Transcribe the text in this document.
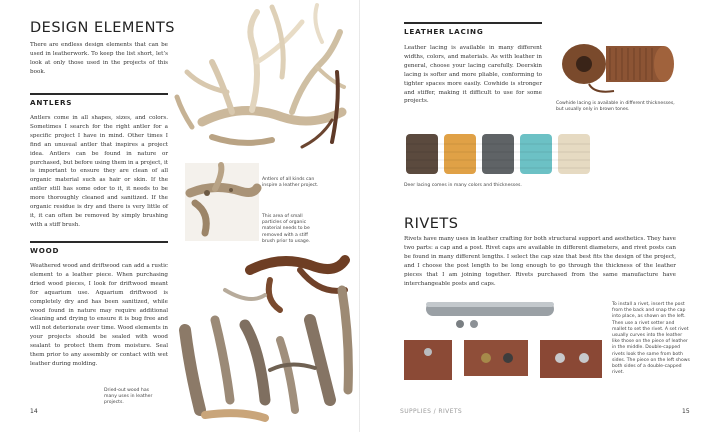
DESIGN ELEMENTS

There are endless design elements that can be used in leatherwork. To keep the list short, let’s look at only those used in the projects of this book.

ANTLERS

Antlers come in all shapes, sizes, and colors. Sometimes I search for the right antler for a specific project I have in mind. Other times I find an unusual antler that inspires a project idea. Antlers can be found in nature or purchased, but before using them in a project, it is important to ensure they are clean of all organic material such as hair or skin. If the antler still has some odor to it, it needs to be more thoroughly cleaned and sanitized. If the organic residue is dry and there is very little of it, it can often be removed by simply brushing with a stiff brush.

WOOD

Weathered wood and driftwood can add a rustic element to a leather piece. When purchasing dried wood pieces, I look for driftwood meant for aquarium use. Aquarium driftwood is completely dry and has been sanitized, while wood found in nature may require additional cleaning and drying to ensure it is bug free and will not deteriorate over time. Wood elements in your projects should be sealed with wood sealant to protect them from moisture. Seal them prior to any assembly or contact with wet leather during molding.

Antlers of all kinds can inspire a leather project.
This area of small particles of organic material needs to be removed with a stiff brush prior to usage.
Dried-out wood has many uses in leather projects.
14
LEATHER LACING

Leather lacing is available in many different widths, colors, and materials. As with leather in general, choose your lacing carefully. Deerskin lacing is softer and more pliable, conforming to tighter spaces more easily. Cowhide is stronger and stiffer, making it difficult to use for some projects.	Cowhide lacing is available in different thicknesses, but usually only in brown tones.
Deer lacing comes in many colors and thicknesses.
RIVETS

Rivets have many uses in leather crafting for both structural support and aesthetics. They have two parts: a cap and a post. Rivet caps are available in different diameters, and rivet posts can be found in many different lengths. I select the cap size that best fits the design of the project, and I choose the post length to be long enough to go through the thickness of the leather pieces that I am joining together. Rivets purchased from the same manufacture have interchangeable posts and caps.

To install a rivet, insert the post from the back and snap the cap into place, as shown on the left. Then use a rivet setter and mallet to set the rivet. A set rivet usually curves into the leather like those on the piece of leather in the middle. Double-capped rivets look the same from both sides. The piece on the left shows both sides of a double-capped rivet.
SUPPLIES / RIVETS	15
